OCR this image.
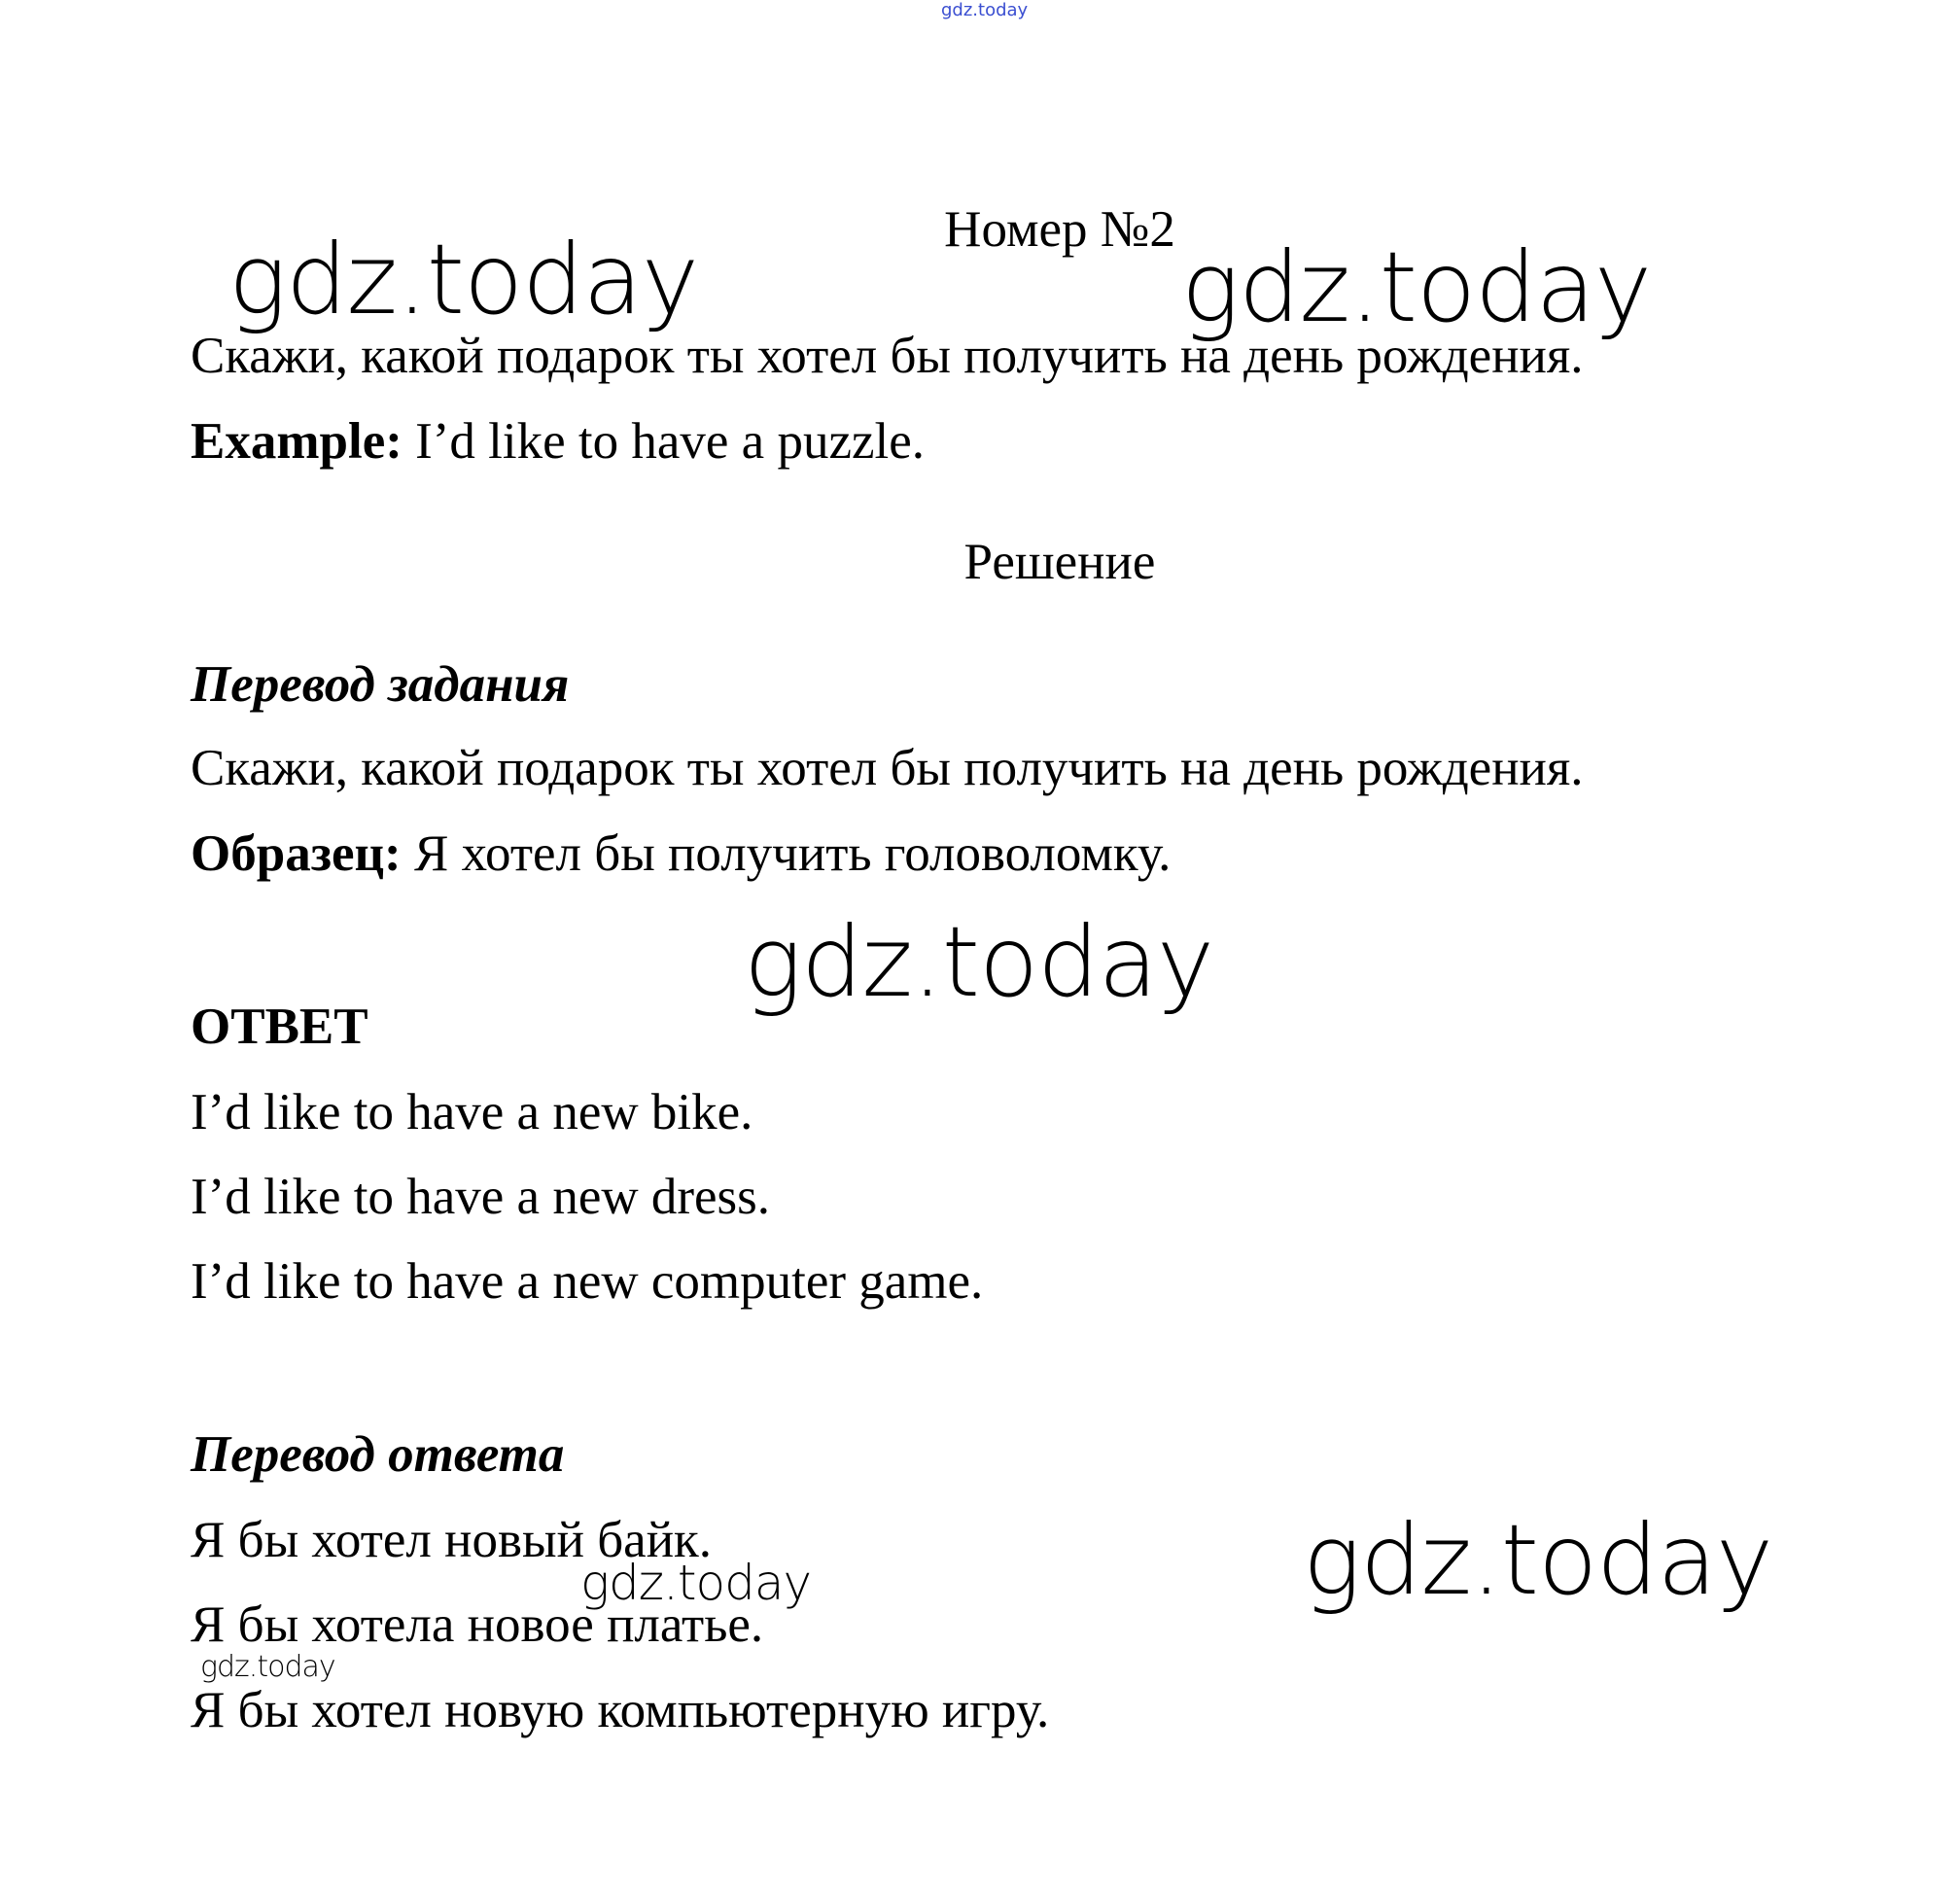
gdz.today
Номер №2
gdz.today	gdz.today
Скажи, какой подарок ты хотел бы получить на день рождения.
Example: I’d like to have a puzzle.
Решение
Перевод задания
Скажи, какой подарок ты хотел бы получить на день рождения.
Образец: Я хотел бы получить головоломку.
gdz.today
ОТВЕТ
I’d like to have a new bike.
I’d like to have a new dress.
I’d like to have a new computer game.
Перевод ответа
Я бы хотел новый байк.
gdz.today
Я бы хотела новое платье.
gdz.today
Я бы хотел новую компьютерную игру.
gdz.today
